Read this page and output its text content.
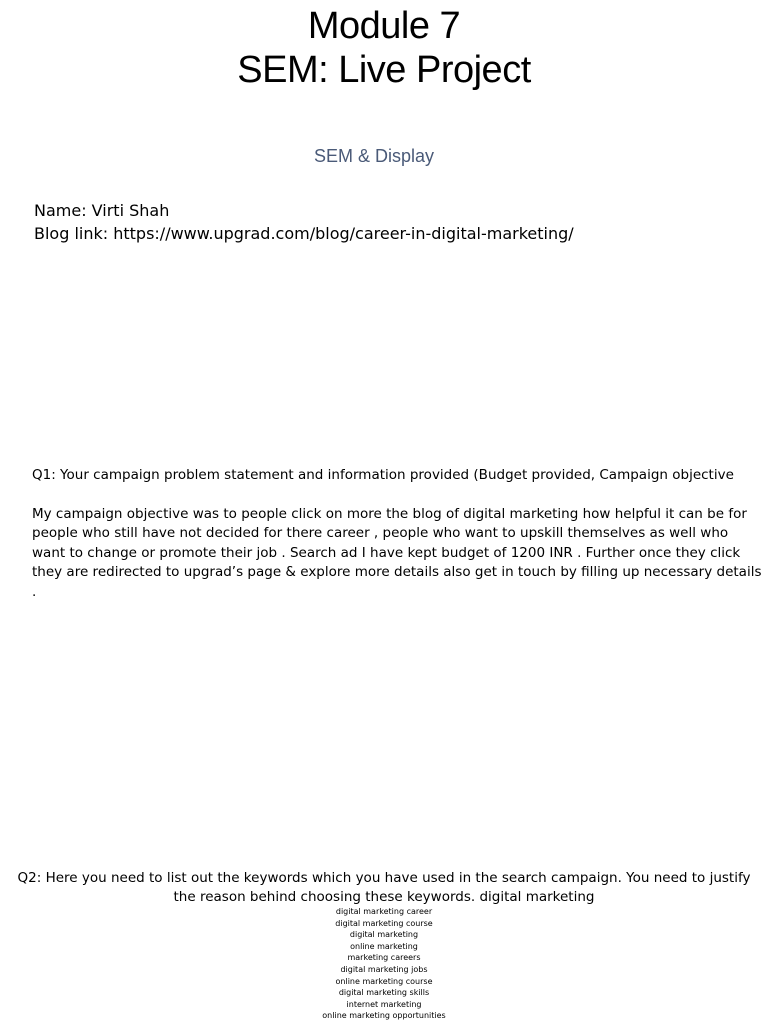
Module 7
SEM: Live Project
SEM & Display
Name: Virti Shah
Blog link: https://www.upgrad.com/blog/career-in-digital-marketing/
Q1: Your campaign problem statement and information provided (Budget provided, Campaign objective
My campaign objective was to people click on more the blog of digital marketing how helpful it can be for
people who still have not decided for there career , people who want to upskill themselves as well who
want to change or promote their job . Search ad I have kept budget of 1200 INR . Further once they click
they are redirected to upgrad’s page & explore more details also get in touch by filling up necessary details
.
Q2: Here you need to list out the keywords which you have used in the search campaign. You need to justify
the reason behind choosing these keywords. digital marketing
digital marketing career
digital marketing course
digital marketing
online marketing
marketing careers
digital marketing jobs
online marketing course
digital marketing skills
internet marketing
online marketing opportunities
